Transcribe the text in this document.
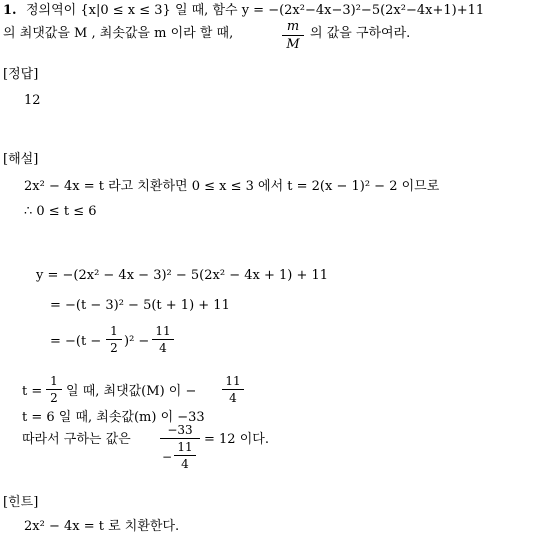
1. 정의역이 {x|0 ≤ x ≤ 3} 일 때, 함수 y = −(2x²−4x−3)²−5(2x²−4x+1)+11
의 최댓값을 M , 최솟값을 m 이라 할 때,	m
M
의 값을 구하여라.
[정답]
12
[해설]
2x² − 4x = t 라고 치환하면 0 ≤ x ≤ 3 에서 t = 2(x − 1)² − 2 이므로
∴ 0 ≤ t ≤ 6
y = −(2x² − 4x − 3)² − 5(2x² − 4x + 1) + 11
= −(t − 3)² − 5(t + 1) + 11
= −(t −
1
2 )² −
11
4
t =
1
2 일 때, 최댓값(M) 이 −
11
4
t = 6 일 때, 최솟값(m) 이 −33
따라서 구하는 값은
−33
−
11
4
= 12 이다.
[힌트]
2x² − 4x = t 로 치환한다.
